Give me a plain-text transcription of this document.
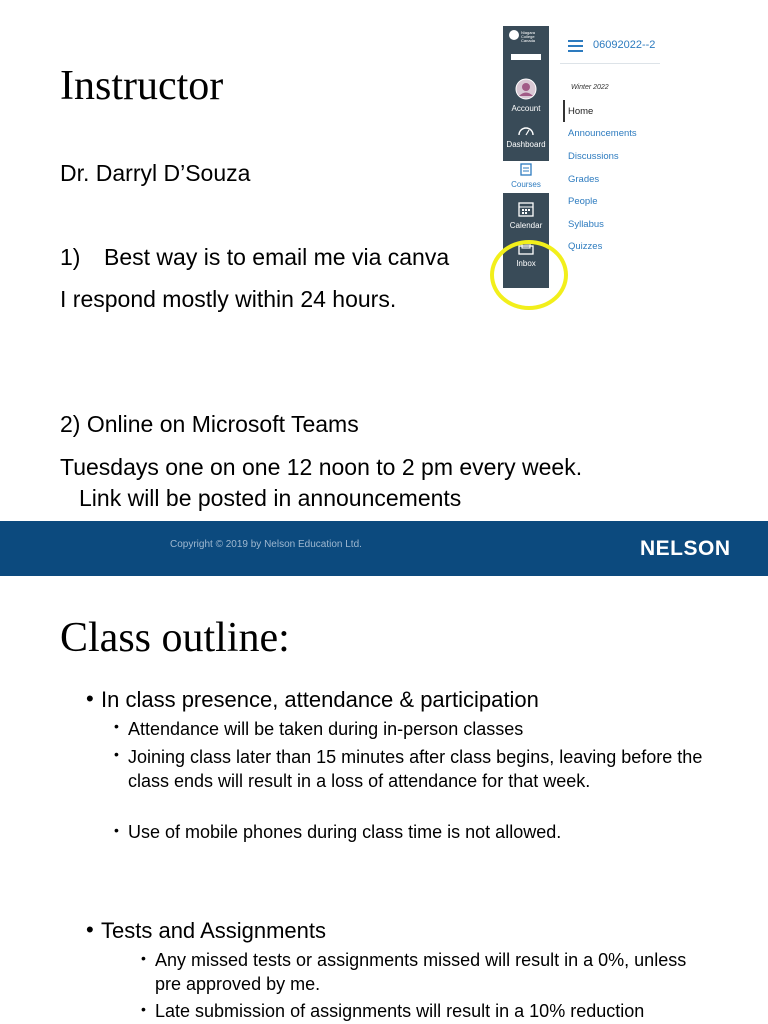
Instructor
Dr. Darryl D’Souza
1) Best way is to email me via canva
I respond mostly within 24 hours.
2) Online on Microsoft Teams
Tuesdays one on one 12 noon to 2 pm every week.
Link will be posted in announcements
Niagara
College
Canada
Account
Dashboard
Calendar
Inbox
Courses
06092022--2
Winter 2022
Home
Announcements
Discussions
Grades
People
Syllabus
Quizzes
Copyright © 2019 by Nelson Education Ltd.	NELSON
Class outline:
• In class presence, attendance & participation
• Attendance will be taken during in-person classes
• Joining class later than 15 minutes after class begins, leaving before the class ends will result in a loss of attendance for that week.
• Use of mobile phones during class time is not allowed.
• Tests and Assignments
• Any missed tests or assignments missed will result in a 0%, unless pre approved by me.
• Late submission of assignments will result in a 10% reduction
